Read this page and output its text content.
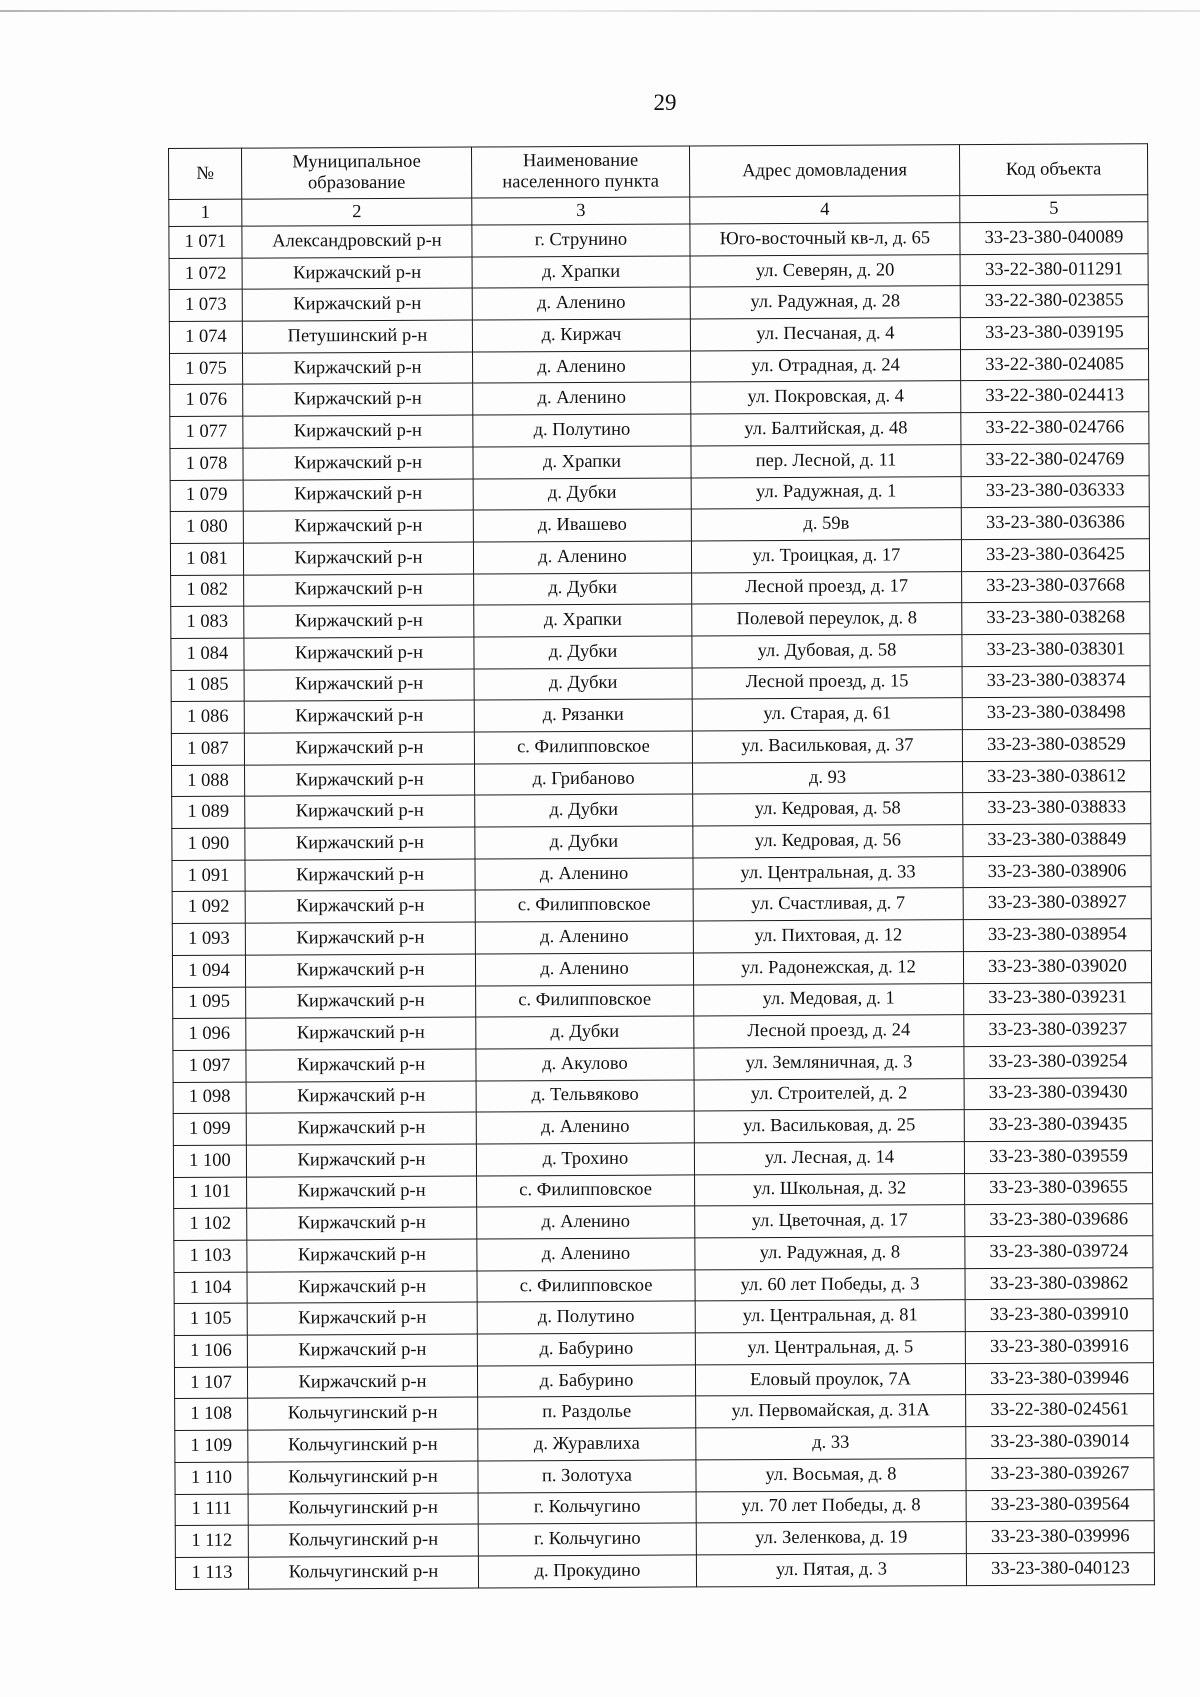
29
№	Муниципальное образование	Наименование населенного пункта	Адрес домовладения	Код объекта
1	2	3	4	5
1 071	Александровский р-н	г. Струнино	Юго-восточный кв-л, д. 65	33-23-380-040089
1 072	Киржачский р-н	д. Храпки	ул. Северян, д. 20	33-22-380-011291
1 073	Киржачский р-н	д. Аленино	ул. Радужная, д. 28	33-22-380-023855
1 074	Петушинский р-н	д. Киржач	ул. Песчаная, д. 4	33-23-380-039195
1 075	Киржачский р-н	д. Аленино	ул. Отрадная, д. 24	33-22-380-024085
1 076	Киржачский р-н	д. Аленино	ул. Покровская, д. 4	33-22-380-024413
1 077	Киржачский р-н	д. Полутино	ул. Балтийская, д. 48	33-22-380-024766
1 078	Киржачский р-н	д. Храпки	пер. Лесной, д. 11	33-22-380-024769
1 079	Киржачский р-н	д. Дубки	ул. Радужная, д. 1	33-23-380-036333
1 080	Киржачский р-н	д. Ивашево	д. 59в	33-23-380-036386
1 081	Киржачский р-н	д. Аленино	ул. Троицкая, д. 17	33-23-380-036425
1 082	Киржачский р-н	д. Дубки	Лесной проезд, д. 17	33-23-380-037668
1 083	Киржачский р-н	д. Храпки	Полевой переулок, д. 8	33-23-380-038268
1 084	Киржачский р-н	д. Дубки	ул. Дубовая, д. 58	33-23-380-038301
1 085	Киржачский р-н	д. Дубки	Лесной проезд, д. 15	33-23-380-038374
1 086	Киржачский р-н	д. Рязанки	ул. Старая, д. 61	33-23-380-038498
1 087	Киржачский р-н	с. Филипповское	ул. Васильковая, д. 37	33-23-380-038529
1 088	Киржачский р-н	д. Грибаново	д. 93	33-23-380-038612
1 089	Киржачский р-н	д. Дубки	ул. Кедровая, д. 58	33-23-380-038833
1 090	Киржачский р-н	д. Дубки	ул. Кедровая, д. 56	33-23-380-038849
1 091	Киржачский р-н	д. Аленино	ул. Центральная, д. 33	33-23-380-038906
1 092	Киржачский р-н	с. Филипповское	ул. Счастливая, д. 7	33-23-380-038927
1 093	Киржачский р-н	д. Аленино	ул. Пихтовая, д. 12	33-23-380-038954
1 094	Киржачский р-н	д. Аленино	ул. Радонежская, д. 12	33-23-380-039020
1 095	Киржачский р-н	с. Филипповское	ул. Медовая, д. 1	33-23-380-039231
1 096	Киржачский р-н	д. Дубки	Лесной проезд, д. 24	33-23-380-039237
1 097	Киржачский р-н	д. Акулово	ул. Земляничная, д. 3	33-23-380-039254
1 098	Киржачский р-н	д. Тельвяково	ул. Строителей, д. 2	33-23-380-039430
1 099	Киржачский р-н	д. Аленино	ул. Васильковая, д. 25	33-23-380-039435
1 100	Киржачский р-н	д. Трохино	ул. Лесная, д. 14	33-23-380-039559
1 101	Киржачский р-н	с. Филипповское	ул. Школьная, д. 32	33-23-380-039655
1 102	Киржачский р-н	д. Аленино	ул. Цветочная, д. 17	33-23-380-039686
1 103	Киржачский р-н	д. Аленино	ул. Радужная, д. 8	33-23-380-039724
1 104	Киржачский р-н	с. Филипповское	ул. 60 лет Победы, д. 3	33-23-380-039862
1 105	Киржачский р-н	д. Полутино	ул. Центральная, д. 81	33-23-380-039910
1 106	Киржачский р-н	д. Бабурино	ул. Центральная, д. 5	33-23-380-039916
1 107	Киржачский р-н	д. Бабурино	Еловый проулок, 7А	33-23-380-039946
1 108	Кольчугинский р-н	п. Раздолье	ул. Первомайская, д. 31А	33-22-380-024561
1 109	Кольчугинский р-н	д. Журавлиха	д. 33	33-23-380-039014
1 110	Кольчугинский р-н	п. Золотуха	ул. Восьмая, д. 8	33-23-380-039267
1 111	Кольчугинский р-н	г. Кольчугино	ул. 70 лет Победы, д. 8	33-23-380-039564
1 112	Кольчугинский р-н	г. Кольчугино	ул. Зеленкова, д. 19	33-23-380-039996
1 113	Кольчугинский р-н	д. Прокудино	ул. Пятая, д. 3	33-23-380-040123
